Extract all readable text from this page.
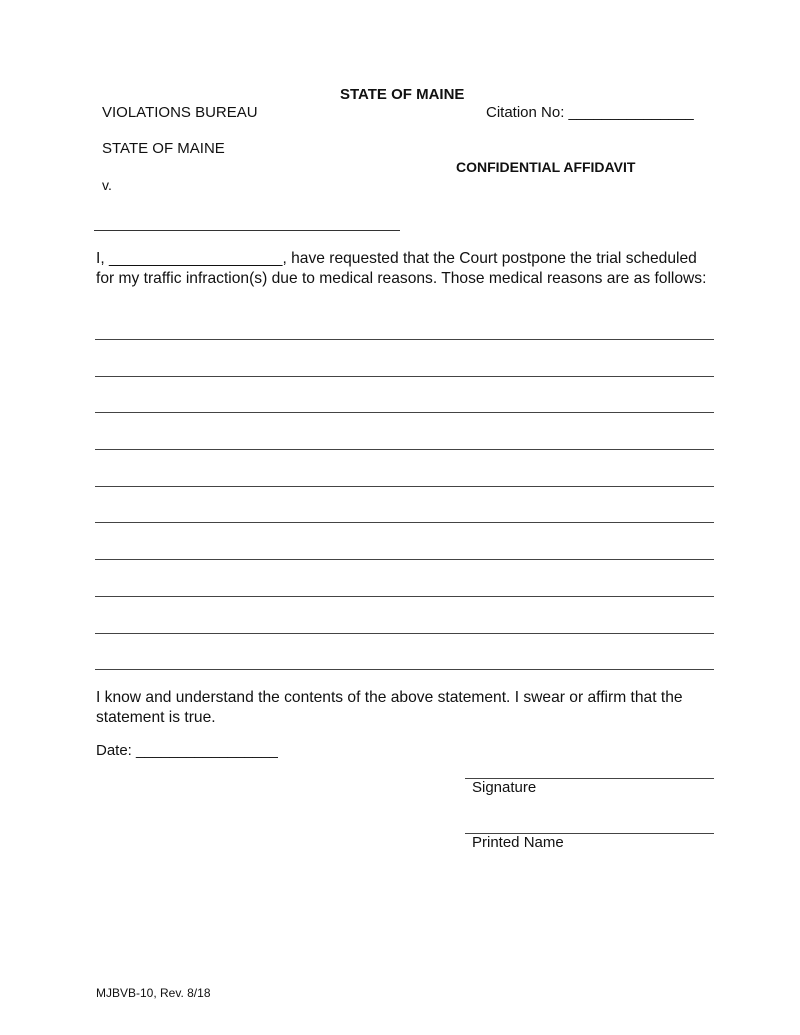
STATE OF MAINE
VIOLATIONS BUREAU	Citation No: _______________
STATE OF MAINE
CONFIDENTIAL AFFIDAVIT
v.
I, ____________________, have requested that the Court postpone the trial scheduled for my traffic infraction(s) due to medical reasons. Those medical reasons are as follows:
I know and understand the contents of the above statement. I swear or affirm that the statement is true.
Date: _________________
Signature
Printed Name
MJBVB-10, Rev. 8/18
